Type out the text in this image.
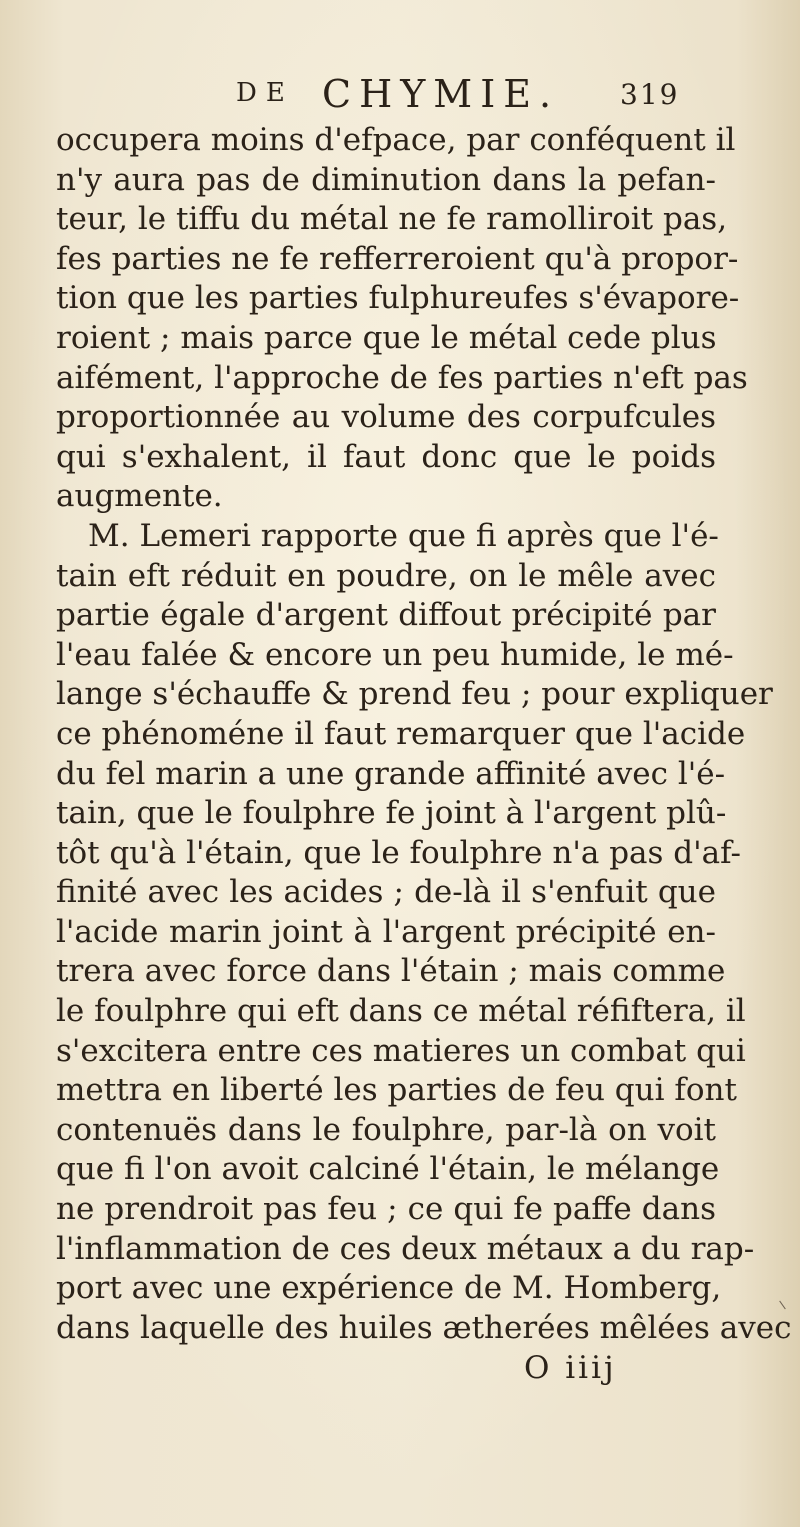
DE CHYMIE. 319
occupera moins d'efpace, par conféquent il
n'y aura pas de diminution dans la pefan-
teur, le tiffu du métal ne fe ramolliroit pas,
fes parties ne fe refferreroient qu'à propor-
tion que les parties fulphureufes s'évapore-
roient ; mais parce que le métal cede plus
aifément, l'approche de fes parties n'eft pas
proportionnée au volume des corpufcules
qui s'exhalent, il faut donc que le poids
augmente.
M. Lemeri rapporte que fi après que l'é-
tain eft réduit en poudre, on le mêle avec
partie égale d'argent diffout précipité par
l'eau falée & encore un peu humide, le mé-
lange s'échauffe & prend feu ; pour expliquer
ce phénoméne il faut remarquer que l'acide
du fel marin a une grande affinité avec l'é-
tain, que le foulphre fe joint à l'argent plû-
tôt qu'à l'étain, que le foulphre n'a pas d'af-
finité avec les acides ; de-là il s'enfuit que
l'acide marin joint à l'argent précipité en-
trera avec force dans l'étain ; mais comme
le foulphre qui eft dans ce métal réfiftera, il
s'excitera entre ces matieres un combat qui
mettra en liberté les parties de feu qui font
contenuës dans le foulphre, par-là on voit
que fi l'on avoit calciné l'étain, le mélange
ne prendroit pas feu ; ce qui fe paffe dans
l'inflammation de ces deux métaux a du rap-
port avec une expérience de M. Homberg,
dans laquelle des huiles ætherées mêlées avec
O iiij
